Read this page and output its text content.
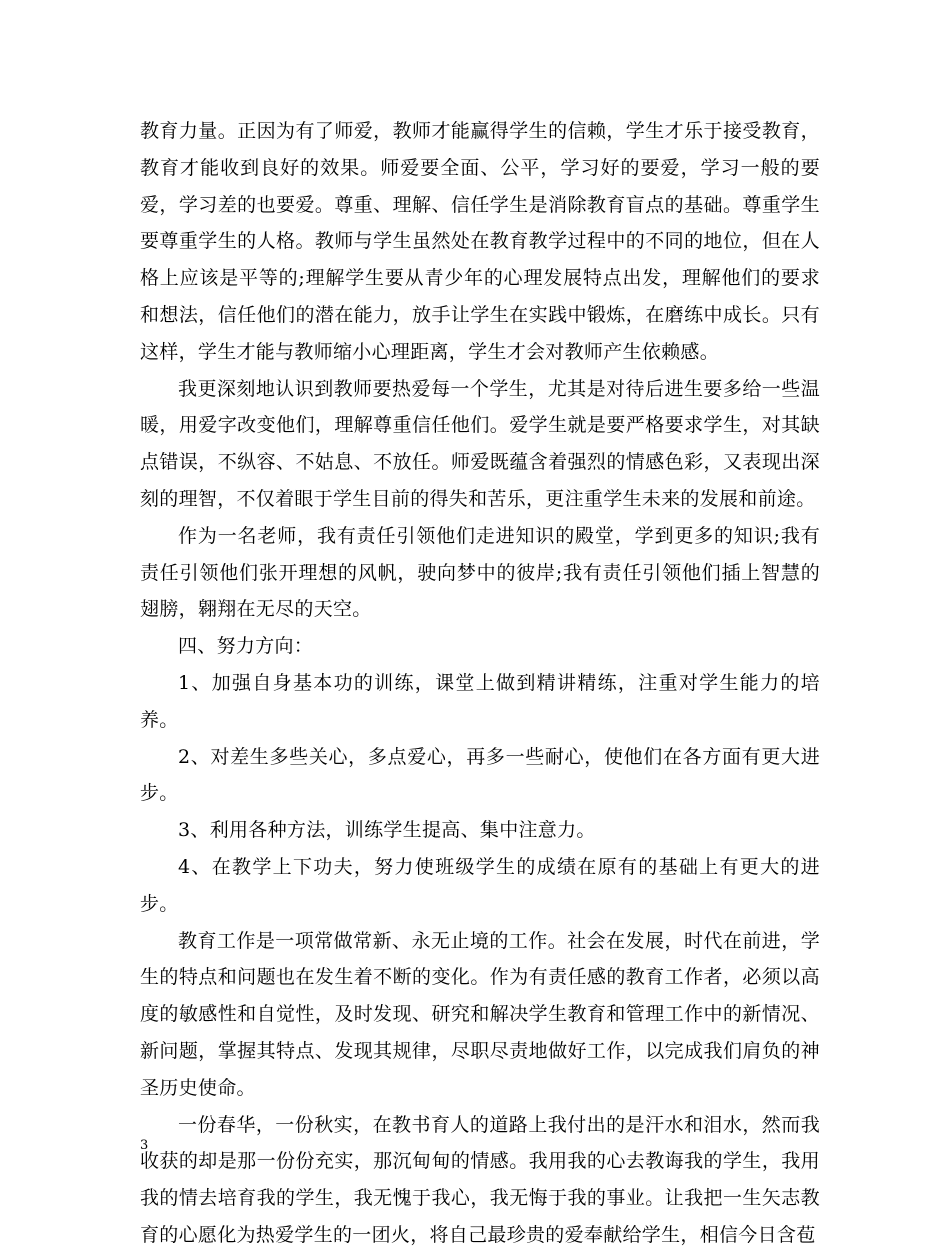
教育力量。正因为有了师爱，教师才能赢得学生的信赖，学生才乐于接受教育，教育才能收到良好的效果。师爱要全面、公平，学习好的要爱，学习一般的要爱，学习差的也要爱。尊重、理解、信任学生是消除教育盲点的基础。尊重学生要尊重学生的人格。教师与学生虽然处在教育教学过程中的不同的地位，但在人格上应该是平等的;理解学生要从青少年的心理发展特点出发，理解他们的要求和想法，信任他们的潜在能力，放手让学生在实践中锻炼，在磨练中成长。只有这样，学生才能与教师缩小心理距离，学生才会对教师产生依赖感。

我更深刻地认识到教师要热爱每一个学生，尤其是对待后进生要多给一些温暖，用爱字改变他们，理解尊重信任他们。爱学生就是要严格要求学生，对其缺点错误，不纵容、不姑息、不放任。师爱既蕴含着强烈的情感色彩，又表现出深刻的理智，不仅着眼于学生目前的得失和苦乐，更注重学生未来的发展和前途。

作为一名老师，我有责任引领他们走进知识的殿堂，学到更多的知识;我有责任引领他们张开理想的风帆，驶向梦中的彼岸;我有责任引领他们插上智慧的翅膀，翱翔在无尽的天空。

四、努力方向：

1、加强自身基本功的训练，课堂上做到精讲精练，注重对学生能力的培养。

2、对差生多些关心，多点爱心，再多一些耐心，使他们在各方面有更大进步。

3、利用各种方法，训练学生提高、集中注意力。

4、在教学上下功夫，努力使班级学生的成绩在原有的基础上有更大的进步。

教育工作是一项常做常新、永无止境的工作。社会在发展，时代在前进，学生的特点和问题也在发生着不断的变化。作为有责任感的教育工作者，必须以高度的敏感性和自觉性，及时发现、研究和解决学生教育和管理工作中的新情况、新问题，掌握其特点、发现其规律，尽职尽责地做好工作，以完成我们肩负的神圣历史使命。

一份春华，一份秋实，在教书育人的道路上我付出的是汗水和泪水，然而我收获的却是那一份份充实，那沉甸甸的情感。我用我的心去教诲我的学生，我用我的情去培育我的学生，我无愧于我心，我无悔于我的事业。让我把一生矢志教育的心愿化为热爱学生的一团火，将自己最珍贵的爱奉献给学生，相信今日含苞

3
